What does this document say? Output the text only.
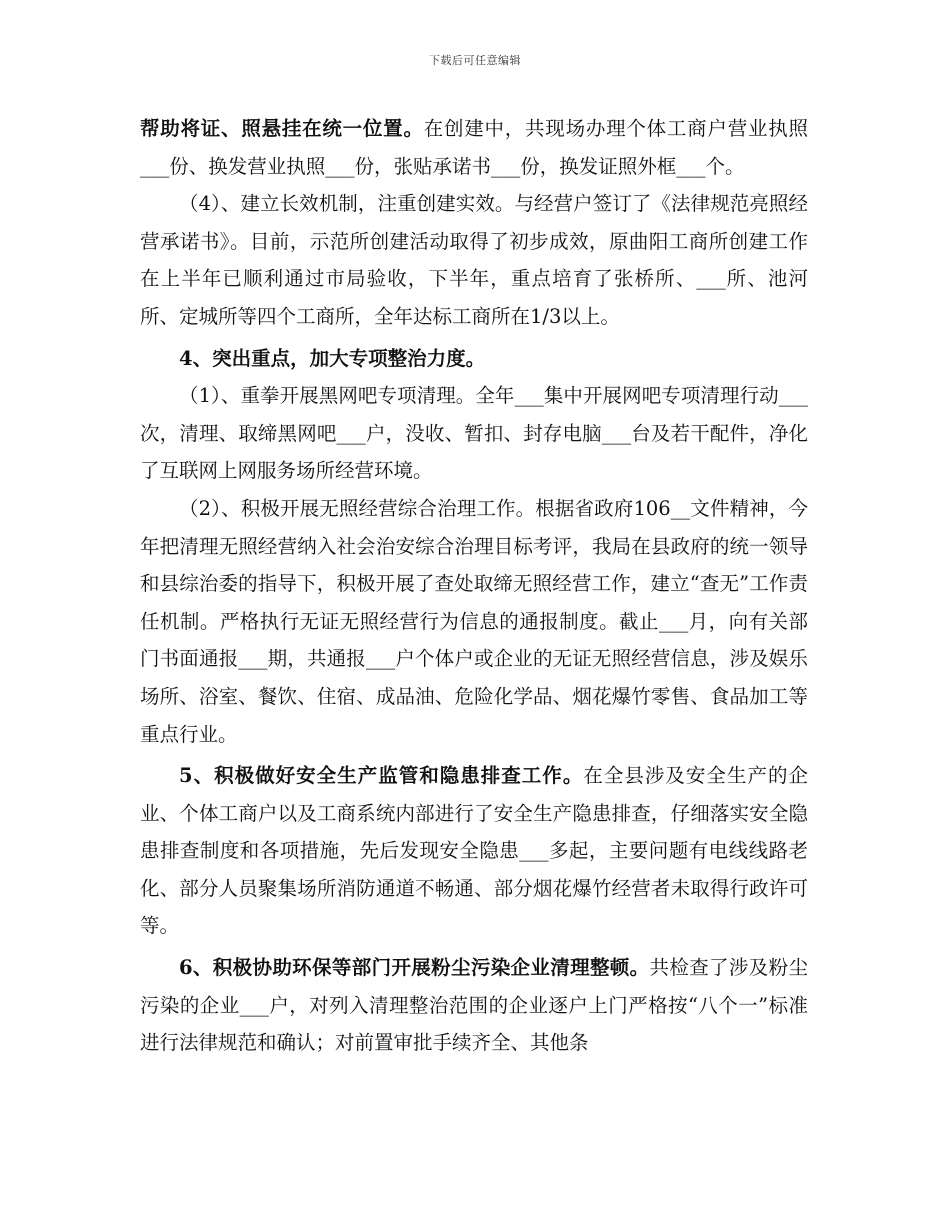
下载后可任意编辑

帮助将证、照悬挂在统一位置。在创建中，共现场办理个体工商户营业执照___份、换发营业执照___份，张贴承诺书___份，换发证照外框___个。

（4）、建立长效机制，注重创建实效。与经营户签订了《法律规范亮照经营承诺书》。目前，示范所创建活动取得了初步成效，原曲阳工商所创建工作在上半年已顺利通过市局验收，下半年，重点培育了张桥所、___所、池河所、定城所等四个工商所，全年达标工商所在1/3以上。

4、突出重点，加大专项整治力度。

（1）、重拳开展黑网吧专项清理。全年___集中开展网吧专项清理行动___次，清理、取缔黑网吧___户，没收、暂扣、封存电脑___台及若干配件，净化了互联网上网服务场所经营环境。

（2）、积极开展无照经营综合治理工作。根据省政府106__文件精神，今年把清理无照经营纳入社会治安综合治理目标考评，我局在县政府的统一领导和县综治委的指导下，积极开展了查处取缔无照经营工作，建立“查无”工作责任机制。严格执行无证无照经营行为信息的通报制度。截止___月，向有关部门书面通报___期，共通报___户个体户或企业的无证无照经营信息，涉及娱乐场所、浴室、餐饮、住宿、成品油、危险化学品、烟花爆竹零售、食品加工等重点行业。

5、积极做好安全生产监管和隐患排查工作。在全县涉及安全生产的企业、个体工商户以及工商系统内部进行了安全生产隐患排查，仔细落实安全隐患排查制度和各项措施，先后发现安全隐患___多起，主要问题有电线线路老化、部分人员聚集场所消防通道不畅通、部分烟花爆竹经营者未取得行政许可等。

6、积极协助环保等部门开展粉尘污染企业清理整顿。共检查了涉及粉尘污染的企业___户，对列入清理整治范围的企业逐户上门严格按“八个一”标准进行法律规范和确认；对前置审批手续齐全、其他条
